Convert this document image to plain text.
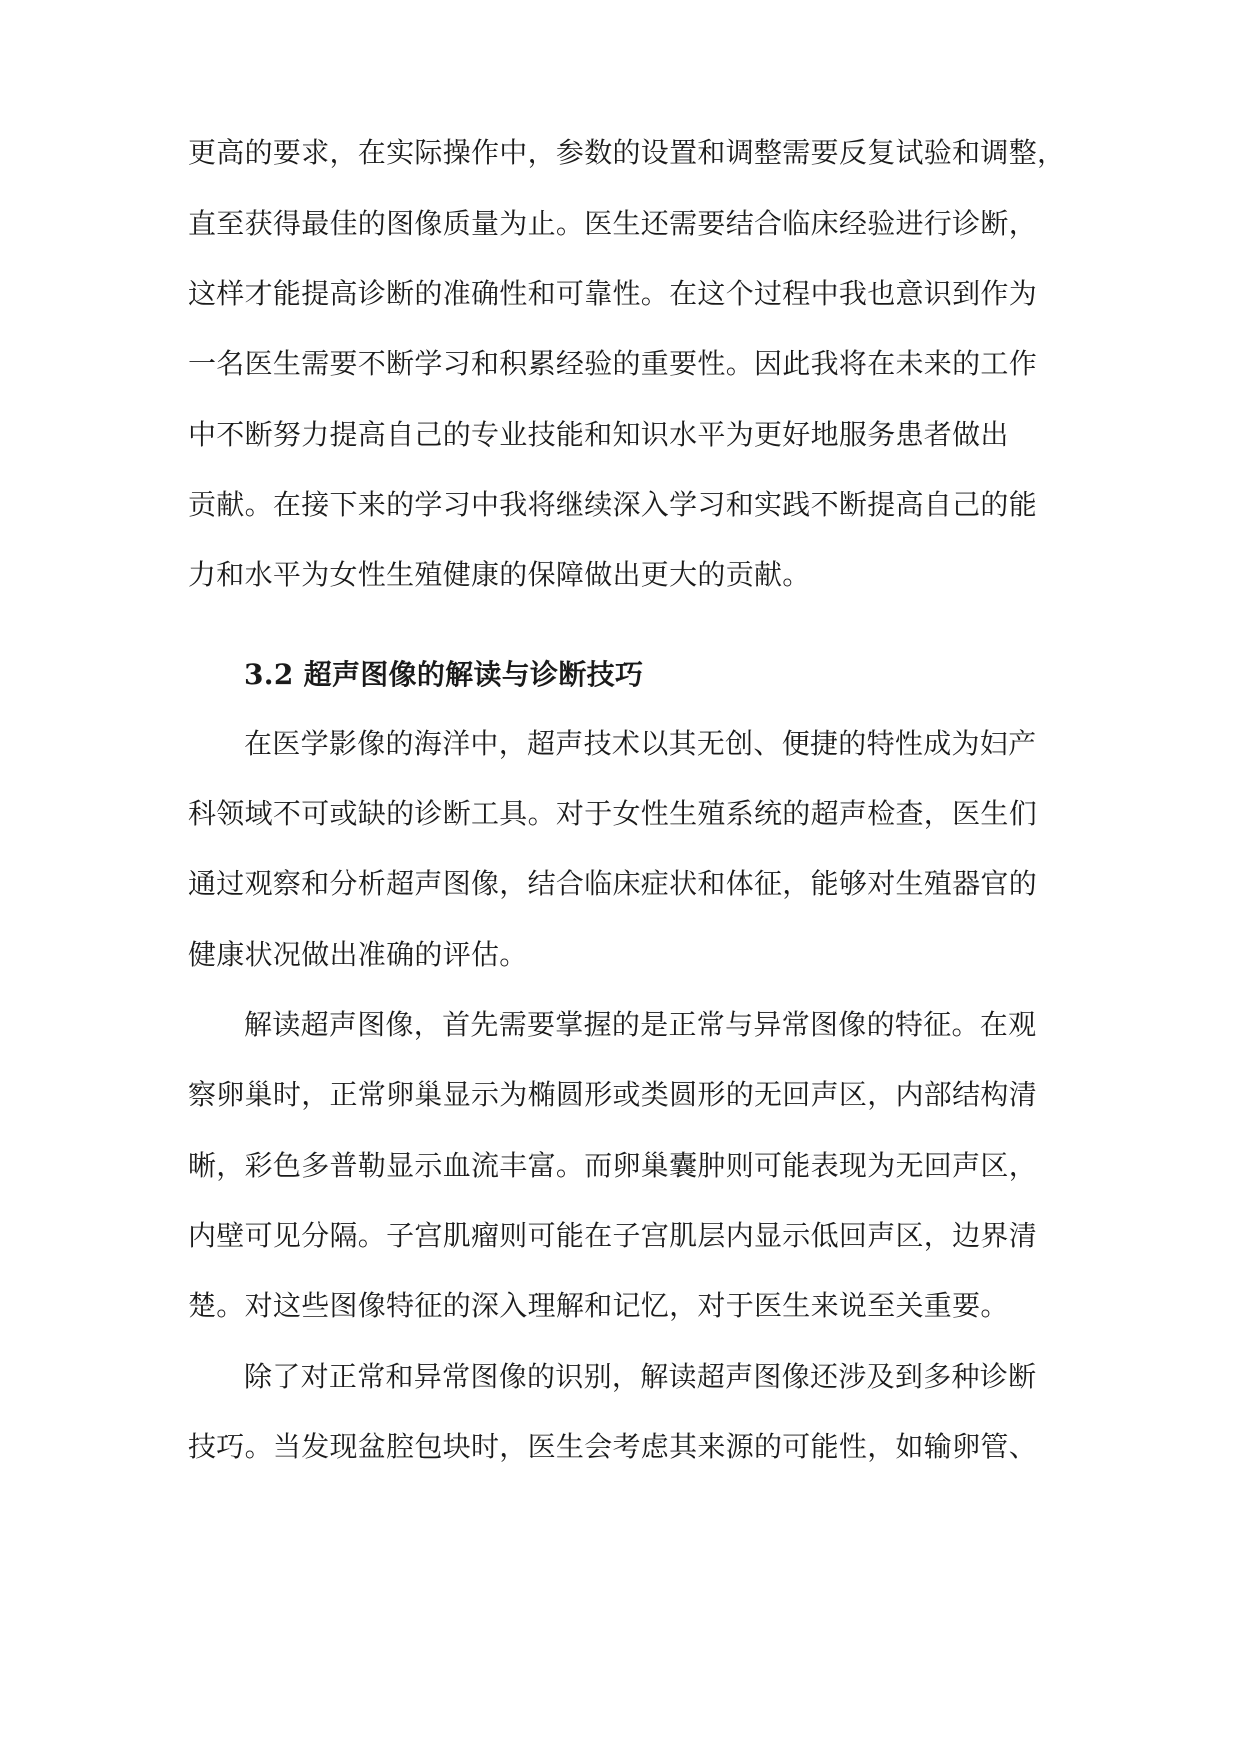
更高的要求，在实际操作中，参数的设置和调整需要反复试验和调整，
直至获得最佳的图像质量为止。医生还需要结合临床经验进行诊断，
这样才能提高诊断的准确性和可靠性。在这个过程中我也意识到作为
一名医生需要不断学习和积累经验的重要性。因此我将在未来的工作
中不断努力提高自己的专业技能和知识水平为更好地服务患者做出
贡献。在接下来的学习中我将继续深入学习和实践不断提高自己的能
力和水平为女性生殖健康的保障做出更大的贡献。
3.2 超声图像的解读与诊断技巧
在医学影像的海洋中，超声技术以其无创、便捷的特性成为妇产
科领域不可或缺的诊断工具。对于女性生殖系统的超声检查，医生们
通过观察和分析超声图像，结合临床症状和体征，能够对生殖器官的
健康状况做出准确的评估。
解读超声图像，首先需要掌握的是正常与异常图像的特征。在观
察卵巢时，正常卵巢显示为椭圆形或类圆形的无回声区，内部结构清
晰，彩色多普勒显示血流丰富。而卵巢囊肿则可能表现为无回声区，
内壁可见分隔。子宫肌瘤则可能在子宫肌层内显示低回声区，边界清
楚。对这些图像特征的深入理解和记忆，对于医生来说至关重要。
除了对正常和异常图像的识别，解读超声图像还涉及到多种诊断
技巧。当发现盆腔包块时，医生会考虑其来源的可能性，如输卵管、
